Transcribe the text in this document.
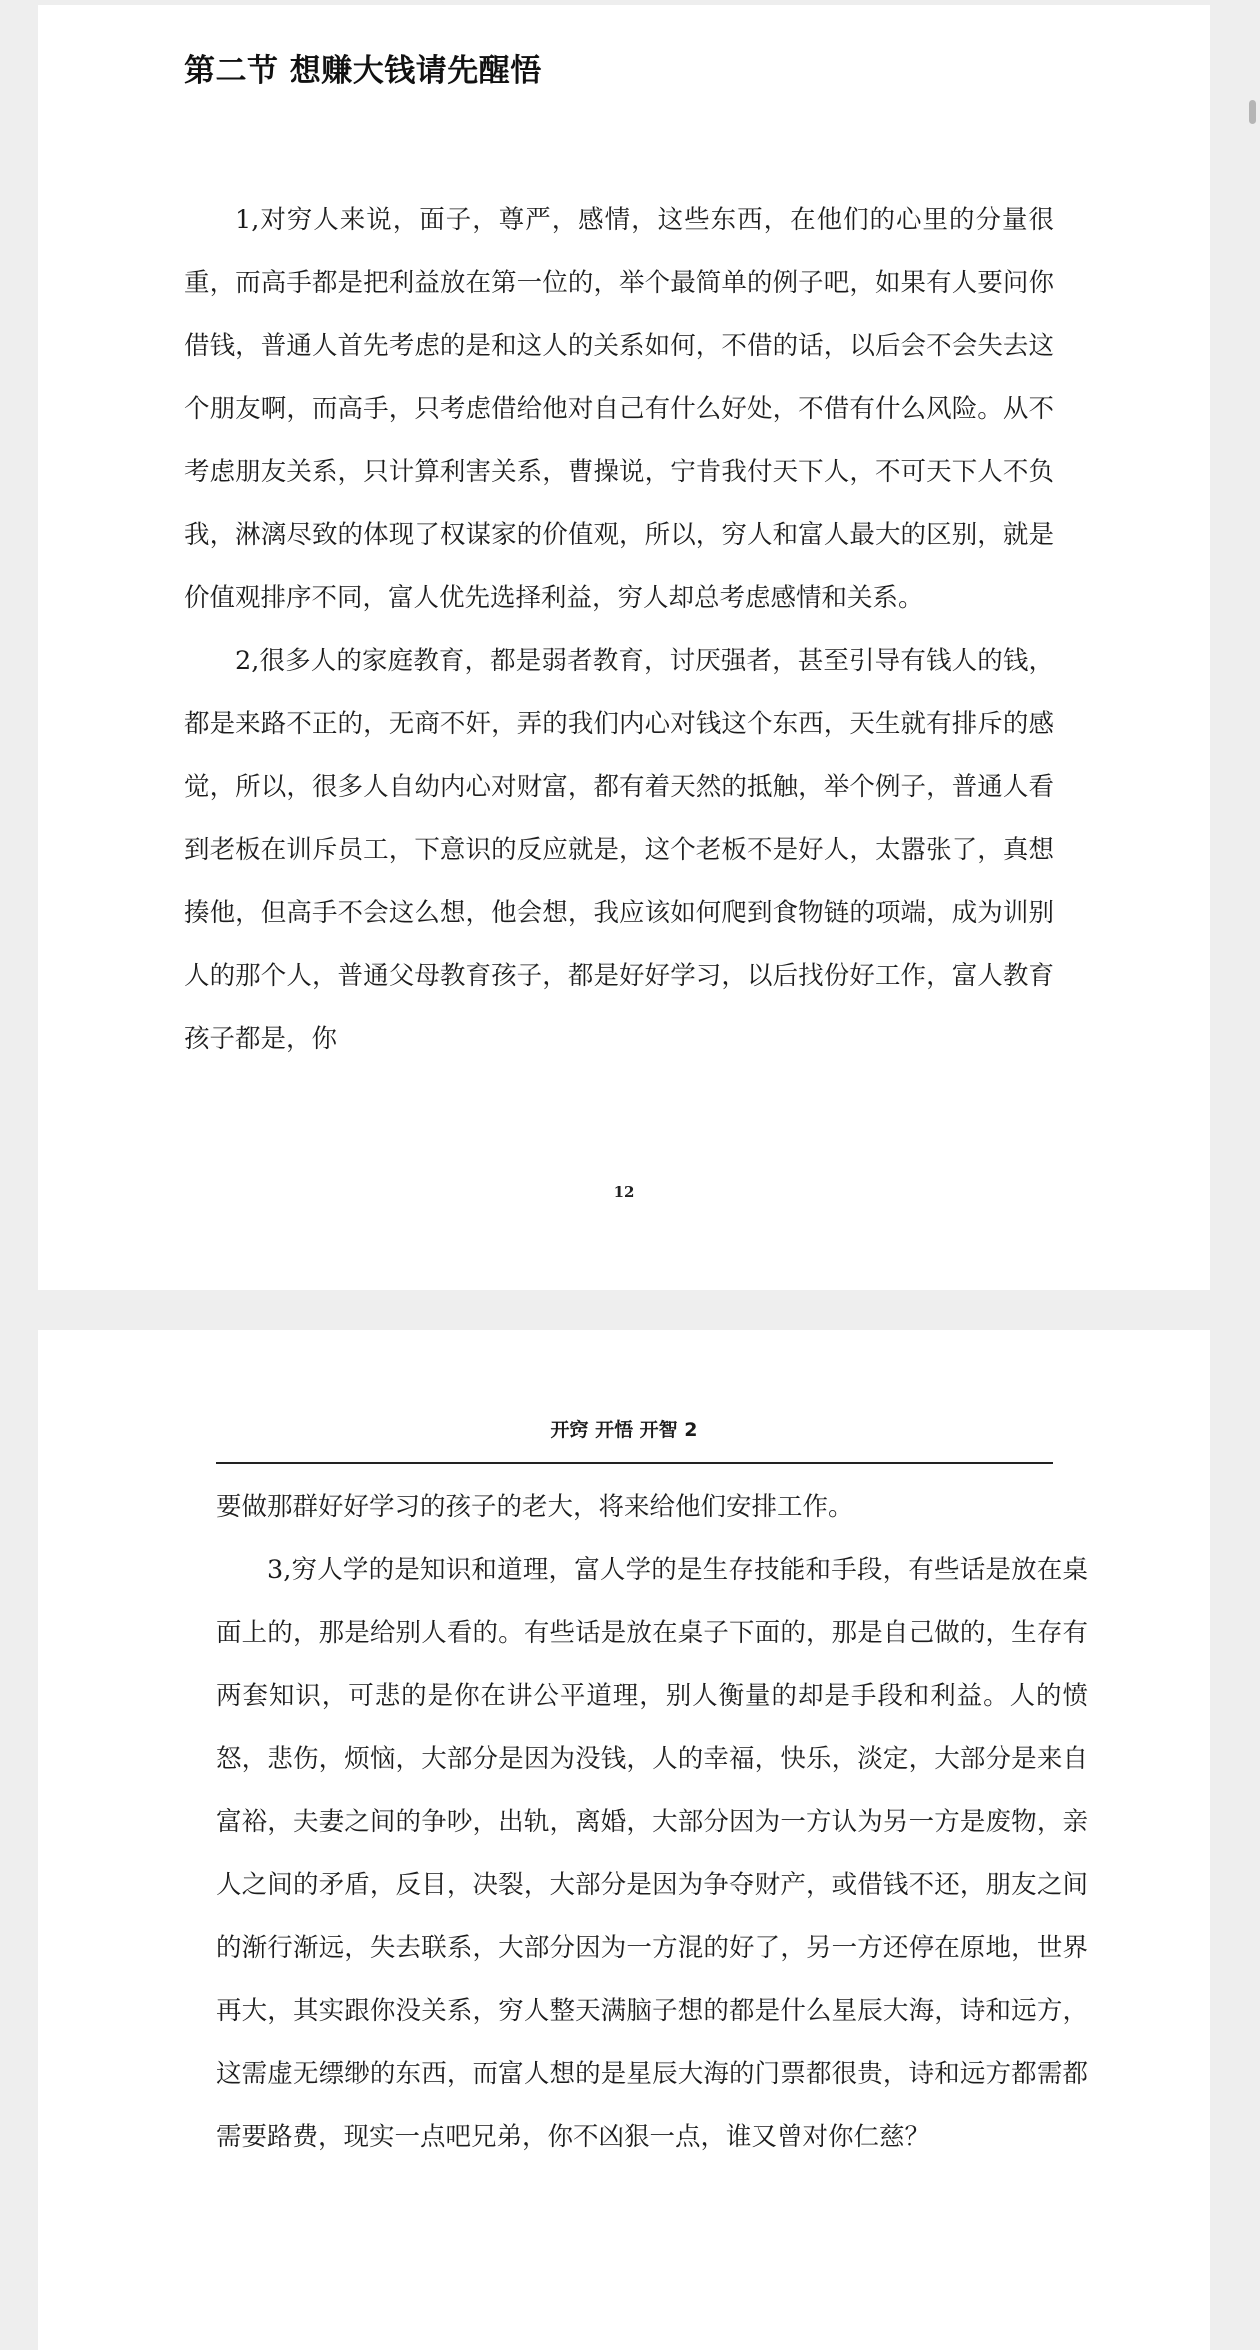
第二节 想赚大钱请先醒悟

1,对穷人来说，面子，尊严，感情，这些东西，在他们的心里的分量很重，而高手都是把利益放在第一位的，举个最简单的例子吧，如果有人要问你借钱，普通人首先考虑的是和这人的关系如何，不借的话，以后会不会失去这个朋友啊，而高手，只考虑借给他对自己有什么好处，不借有什么风险。从不考虑朋友关系，只计算利害关系，曹操说，宁肯我付天下人，不可天下人不负我，淋漓尽致的体现了权谋家的价值观，所以，穷人和富人最大的区别，就是价值观排序不同，富人优先选择利益，穷人却总考虑感情和关系。

2,很多人的家庭教育，都是弱者教育，讨厌强者，甚至引导有钱人的钱，都是来路不正的，无商不奸，弄的我们内心对钱这个东西，天生就有排斥的感觉，所以，很多人自幼内心对财富，都有着天然的抵触，举个例子，普通人看到老板在训斥员工，下意识的反应就是，这个老板不是好人，太嚣张了，真想揍他，但高手不会这么想，他会想，我应该如何爬到食物链的项端，成为训别人的那个人，普通父母教育孩子，都是好好学习，以后找份好工作，富人教育孩子都是，你

12

开窍 开悟 开智 2

要做那群好好学习的孩子的老大，将来给他们安排工作。

3,穷人学的是知识和道理，富人学的是生存技能和手段，有些话是放在桌面上的，那是给别人看的。有些话是放在桌子下面的，那是自己做的，生存有两套知识，可悲的是你在讲公平道理，别人衡量的却是手段和利益。人的愤怒，悲伤，烦恼，大部分是因为没钱，人的幸福，快乐，淡定，大部分是来自富裕，夫妻之间的争吵，出轨，离婚，大部分因为一方认为另一方是废物，亲人之间的矛盾，反目，决裂，大部分是因为争夺财产，或借钱不还，朋友之间的渐行渐远，失去联系，大部分因为一方混的好了，另一方还停在原地，世界再大，其实跟你没关系，穷人整天满脑子想的都是什么星辰大海，诗和远方，这需虚无缥缈的东西，而富人想的是星辰大海的门票都很贵，诗和远方都需都需要路费，现实一点吧兄弟，你不凶狠一点，谁又曾对你仁慈？
